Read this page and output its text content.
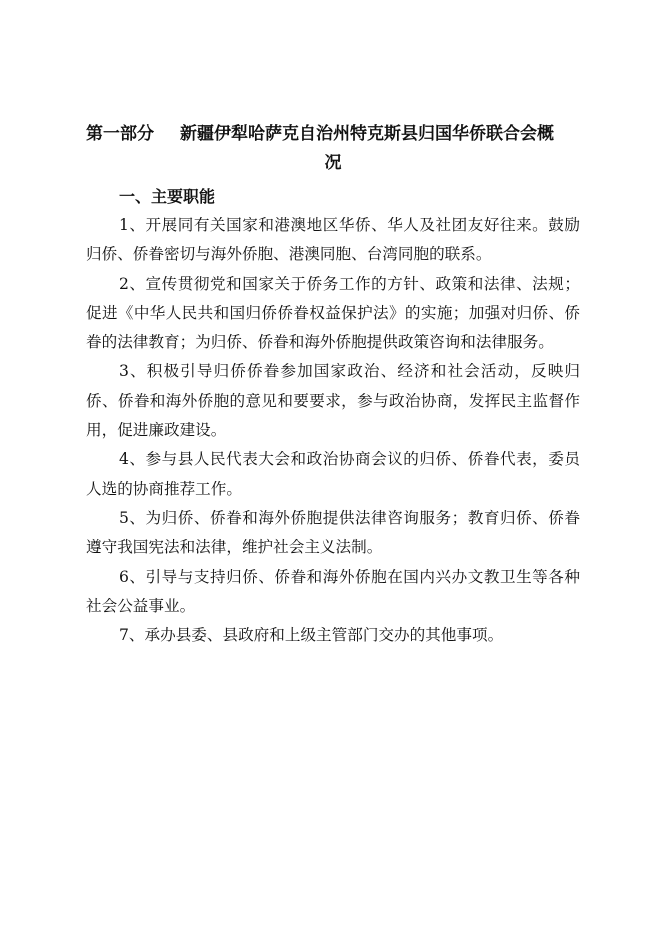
第一部分 新疆伊犁哈萨克自治州特克斯县归国华侨联合会概
况
一、主要职能

1、开展同有关国家和港澳地区华侨、华人及社团友好往来。鼓励归侨、侨眷密切与海外侨胞、港澳同胞、台湾同胞的联系。

2、宣传贯彻党和国家关于侨务工作的方针、政策和法律、法规；促进《中华人民共和国归侨侨眷权益保护法》的实施；加强对归侨、侨眷的法律教育；为归侨、侨眷和海外侨胞提供政策咨询和法律服务。

3、积极引导归侨侨眷参加国家政治、经济和社会活动，反映归侨、侨眷和海外侨胞的意见和要要求，参与政治协商，发挥民主监督作用，促进廉政建设。

4、参与县人民代表大会和政治协商会议的归侨、侨眷代表，委员人选的协商推荐工作。

5、为归侨、侨眷和海外侨胞提供法律咨询服务；教育归侨、侨眷遵守我国宪法和法律，维护社会主义法制。

6、引导与支持归侨、侨眷和海外侨胞在国内兴办文教卫生等各种社会公益事业。

7、承办县委、县政府和上级主管部门交办的其他事项。
